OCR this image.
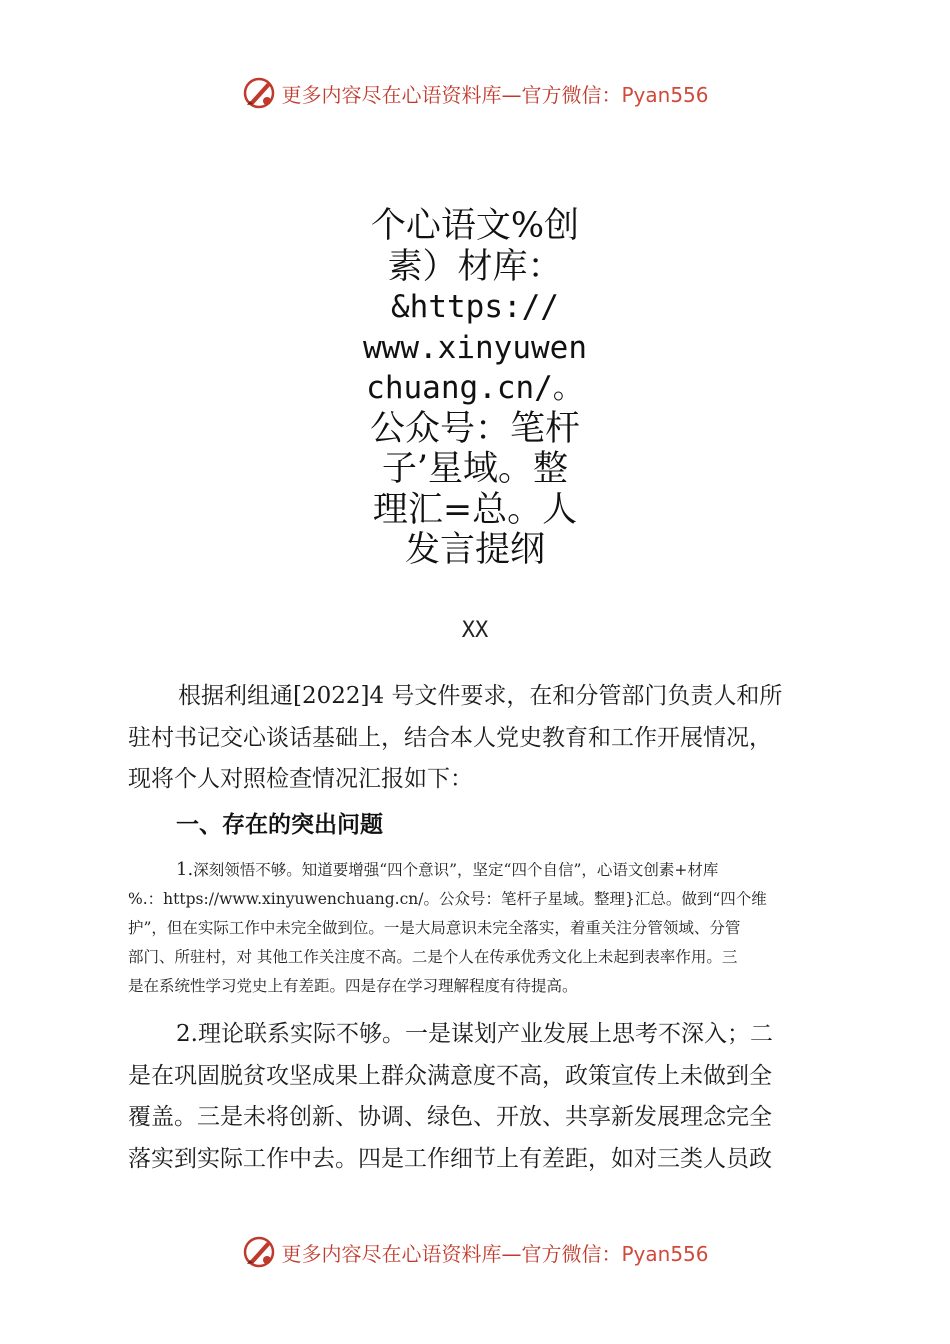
更多内容尽在心语资料库—官方微信：Pyan556
个心语文%创
素）材库：
&https://
www.xinyuwen
chuang.cn/。
公众号：笔杆
子’星域。整
理汇=总。人
发言提纲
XX
根据利组通[2022]4 号文件要求，在和分管部门负责人和所
驻村书记交心谈话基础上，结合本人党史教育和工作开展情况，
现将个人对照检查情况汇报如下：
一、存在的突出问题
1.深刻领悟不够。知道要增强“四个意识”，坚定“四个自信”，心语文创素+材库
%.：https://www.xinyuwenchuang.cn/。公众号：笔杆子星域。整理}汇总。做到“四个维
护”，但在实际工作中未完全做到位。一是大局意识未完全落实，着重关注分管领域、分管
部门、所驻村，对 其他工作关注度不高。二是个人在传承优秀文化上未起到表率作用。三
是在系统性学习党史上有差距。四是存在学习理解程度有待提高。
2.理论联系实际不够。一是谋划产业发展上思考不深入；二
是在巩固脱贫攻坚成果上群众满意度不高，政策宣传上未做到全
覆盖。三是未将创新、协调、绿色、开放、共享新发展理念完全
落实到实际工作中去。四是工作细节上有差距，如对三类人员政
更多内容尽在心语资料库—官方微信：Pyan556
